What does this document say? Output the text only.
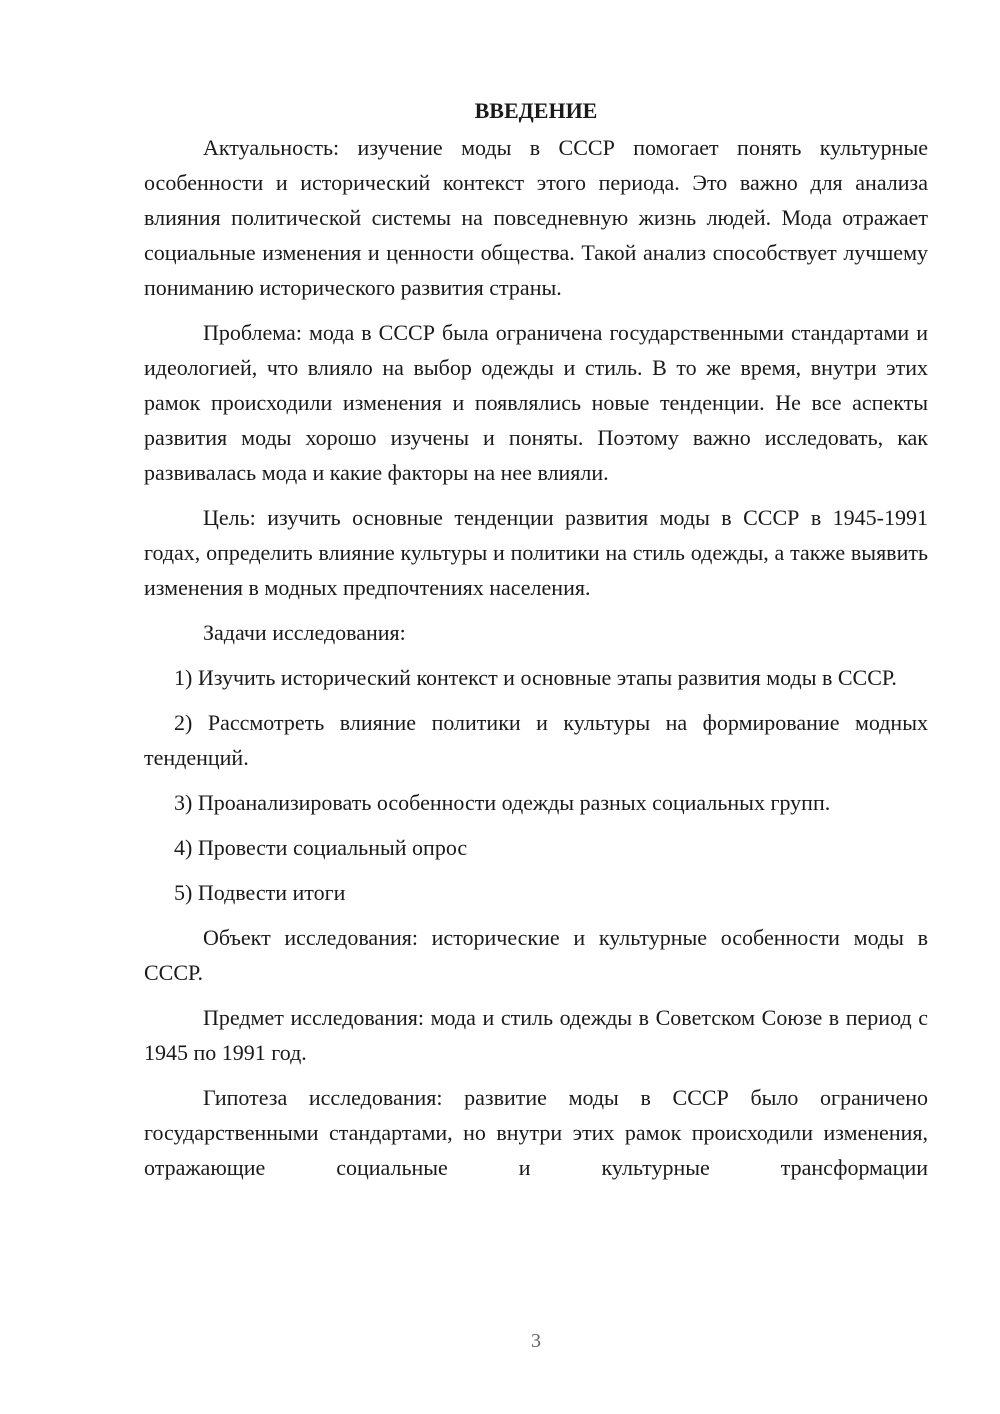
ВВЕДЕНИЕ

Актуальность: изучение моды в СССР помогает понять культурные особенности и исторический контекст этого периода. Это важно для анализа влияния политической системы на повседневную жизнь людей. Мода отражает социальные изменения и ценности общества. Такой анализ способствует лучшему пониманию исторического развития страны.

Проблема: мода в СССР была ограничена государственными стандартами и идеологией, что влияло на выбор одежды и стиль. В то же время, внутри этих рамок происходили изменения и появлялись новые тенденции. Не все аспекты развития моды хорошо изучены и поняты. Поэтому важно исследовать, как развивалась мода и какие факторы на нее влияли.

Цель: изучить основные тенденции развития моды в СССР в 1945-1991 годах, определить влияние культуры и политики на стиль одежды, а также выявить изменения в модных предпочтениях населения.

Задачи исследования:

1) Изучить исторический контекст и основные этапы развития моды в СССР.

2) Рассмотреть влияние политики и культуры на формирование модных тенденций.

3) Проанализировать особенности одежды разных социальных групп.

4) Провести социальный опрос

5) Подвести итоги

Объект исследования: исторические и культурные особенности моды в СССР.

Предмет исследования: мода и стиль одежды в Советском Союзе в период с 1945 по 1991 год.

Гипотеза исследования: развитие моды в СССР было ограничено государственными стандартами, но внутри этих рамок происходили изменения, отражающие социальные и культурные трансформации

3
